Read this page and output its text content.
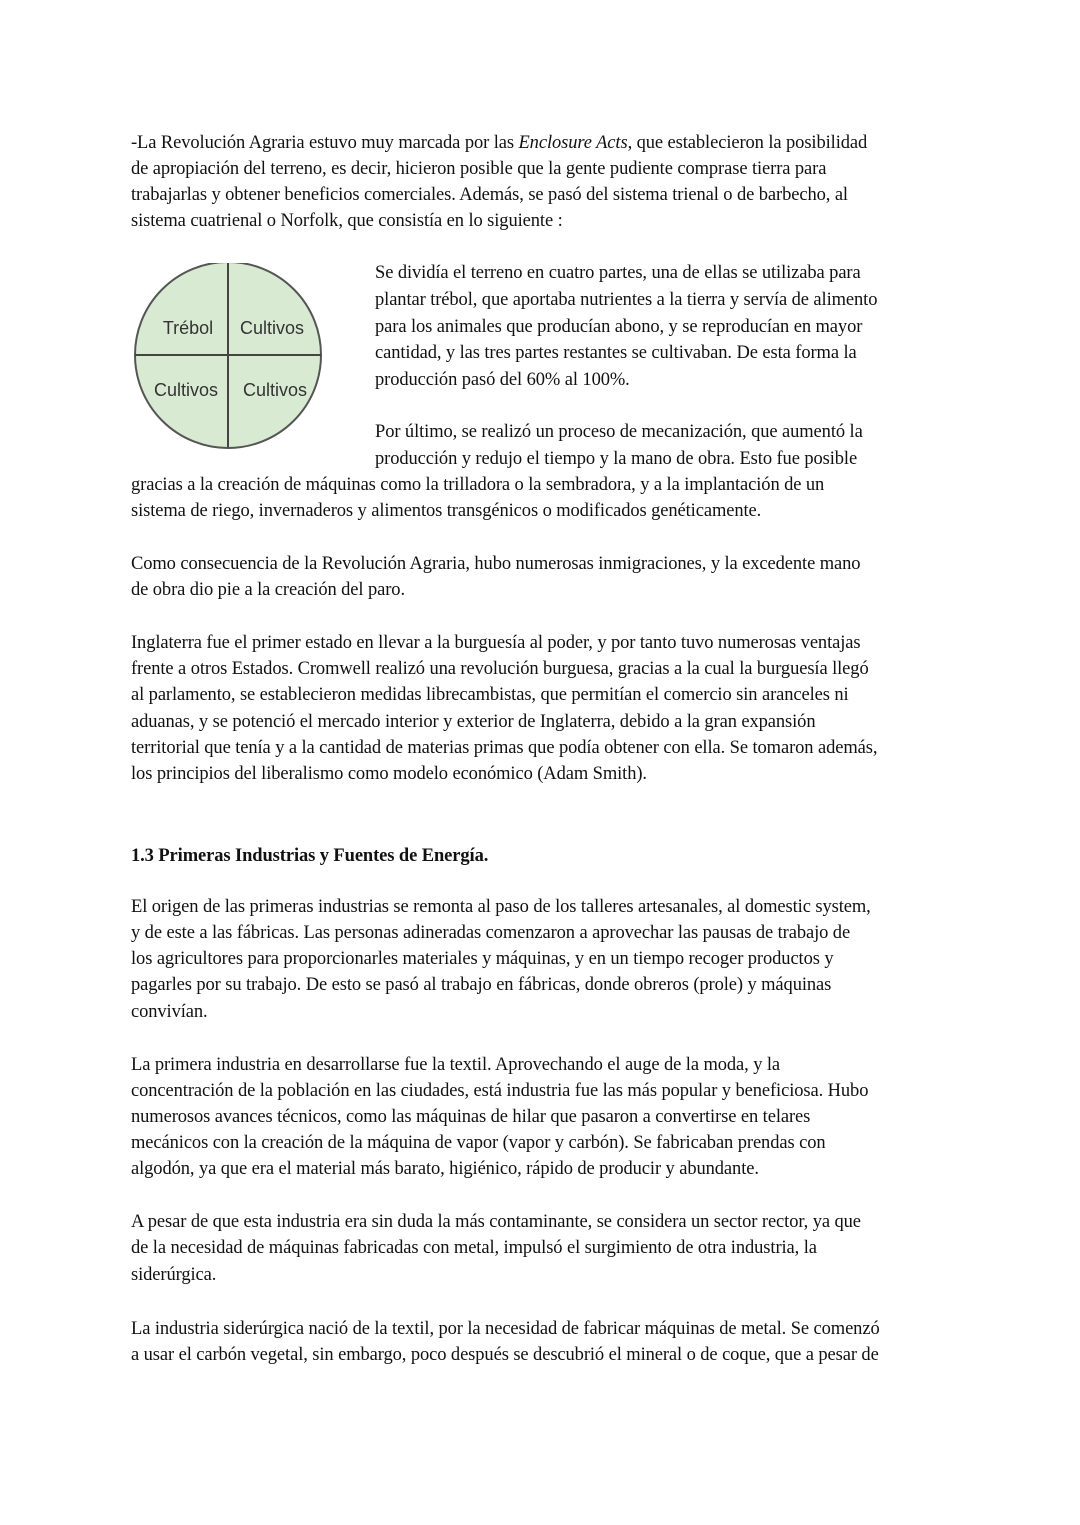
-La Revolución Agraria estuvo muy marcada por las Enclosure Acts, que establecieron la posibilidad
de apropiación del terreno, es decir, hicieron posible que la gente pudiente comprase tierra para
trabajarlas y obtener beneficios comerciales. Además, se pasó del sistema trienal o de barbecho, al
sistema cuatrienal o Norfolk, que consistía en lo siguiente :
Trébol Cultivos
Cultivos Cultivos
Se dividía el terreno en cuatro partes, una de ellas se utilizaba para
plantar trébol, que aportaba nutrientes a la tierra y servía de alimento
para los animales que producían abono, y se reproducían en mayor
cantidad, y las tres partes restantes se cultivaban. De esta forma la
producción pasó del 60% al 100%.
Por último, se realizó un proceso de mecanización, que aumentó la
producción y redujo el tiempo y la mano de obra. Esto fue posible
gracias a la creación de máquinas como la trilladora o la sembradora, y a la implantación de un
sistema de riego, invernaderos y alimentos transgénicos o modificados genéticamente.
Como consecuencia de la Revolución Agraria, hubo numerosas inmigraciones, y la excedente mano
de obra dio pie a la creación del paro.
Inglaterra fue el primer estado en llevar a la burguesía al poder, y por tanto tuvo numerosas ventajas
frente a otros Estados. Cromwell realizó una revolución burguesa, gracias a la cual la burguesía llegó
al parlamento, se establecieron medidas librecambistas, que permitían el comercio sin aranceles ni
aduanas, y se potenció el mercado interior y exterior de Inglaterra, debido a la gran expansión
territorial que tenía y a la cantidad de materias primas que podía obtener con ella. Se tomaron además,
los principios del liberalismo como modelo económico (Adam Smith).
1.3 Primeras Industrias y Fuentes de Energía.
El origen de las primeras industrias se remonta al paso de los talleres artesanales, al domestic system,
y de este a las fábricas. Las personas adineradas comenzaron a aprovechar las pausas de trabajo de
los agricultores para proporcionarles materiales y máquinas, y en un tiempo recoger productos y
pagarles por su trabajo. De esto se pasó al trabajo en fábricas, donde obreros (prole) y máquinas
convivían.
La primera industria en desarrollarse fue la textil. Aprovechando el auge de la moda, y la
concentración de la población en las ciudades, está industria fue las más popular y beneficiosa. Hubo
numerosos avances técnicos, como las máquinas de hilar que pasaron a convertirse en telares
mecánicos con la creación de la máquina de vapor (vapor y carbón). Se fabricaban prendas con
algodón, ya que era el material más barato, higiénico, rápido de producir y abundante.
A pesar de que esta industria era sin duda la más contaminante, se considera un sector rector, ya que
de la necesidad de máquinas fabricadas con metal, impulsó el surgimiento de otra industria, la
siderúrgica.
La industria siderúrgica nació de la textil, por la necesidad de fabricar máquinas de metal. Se comenzó
a usar el carbón vegetal, sin embargo, poco después se descubrió el mineral o de coque, que a pesar de
